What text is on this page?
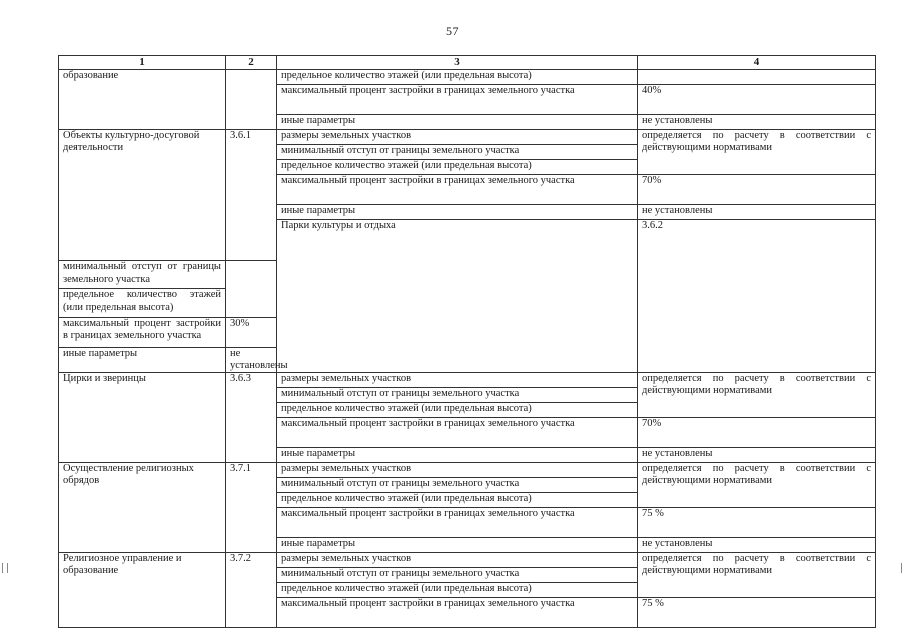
57
1	2	3	4	
образование		предельное количество этажей (или предельная высота)		
		максимальный процент застройки в границах земельного участка	40%	
		иные параметры	не установлены	
Объекты культурно-досуговой деятельности	3.6.1	размеры земельных участков	определяется по расчету в соответствии с действующими нормативами	
		минимальный отступ от границы земельного участка		
		предельное количество этажей (или предельная высота)		
		максимальный процент застройки в границах земельного участка	70%	
		иные параметры	не установлены	
		Парки культуры и отдыха	3.6.2		
минимальный отступ от границы земельного участка				
предельное количество этажей (или предельная высота)				
максимальный процент застройки в границах земельного участка	30%			
иные параметры	не установлены			
Цирки и зверинцы	3.6.3	размеры земельных участков	определяется по расчету в соответствии с действующими нормативами	
		минимальный отступ от границы земельного участка		
		предельное количество этажей (или предельная высота)		
		максимальный процент застройки в границах земельного участка	70%	
		иные параметры	не установлены	
Осуществление религиозных обрядов	3.7.1	размеры земельных участков	определяется по расчету в соответствии с действующими нормативами	
		минимальный отступ от границы земельного участка		
		предельное количество этажей (или предельная высота)		
		максимальный процент застройки в границах земельного участка	75 %	
		иные параметры	не установлены	
Религиозное управление и образование	3.7.2	размеры земельных участков	определяется по расчету в соответствии с действующими нормативами	
		минимальный отступ от границы земельного участка		
		предельное количество этажей (или предельная высота)		
		максимальный процент застройки в границах земельного участка	75 %	
